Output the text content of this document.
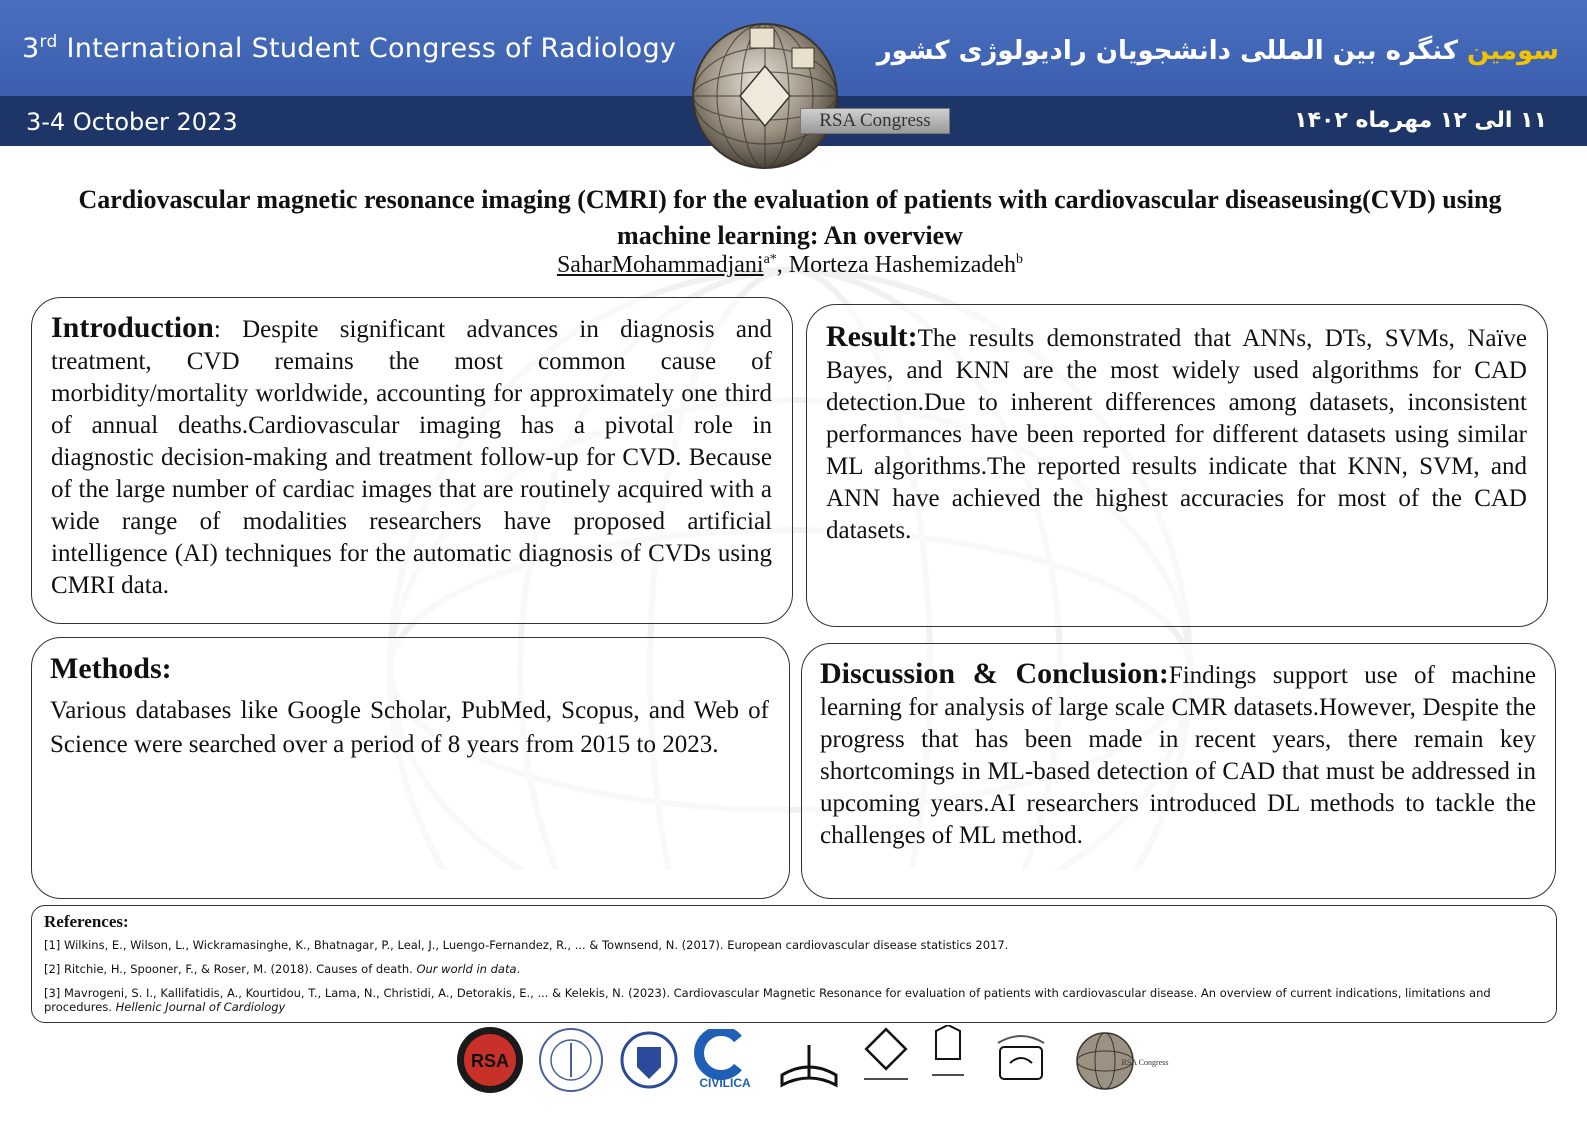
3rd International Student Congress of Radiology
3-4 October 2023
سومین کنگره بین المللی دانشجویان رادیولوژی کشور
۱۱ الی ۱۲ مهرماه ۱۴۰۲
RSA Congress
Cardiovascular magnetic resonance imaging (CMRI) for the evaluation of patients with cardiovascular diseaseusing(CVD) using machine learning: An overview
SaharMohammadjani$^{a*}$, Morteza Hashemizadeh$^b$
Introduction: Despite significant advances in diagnosis and treatment, CVD remains the most common cause of morbidity/mortality worldwide, accounting for approximately one third of annual deaths.Cardiovascular imaging has a pivotal role in diagnostic decision-making and treatment follow-up for CVD. Because of the large number of cardiac images that are routinely acquired with a wide range of modalities researchers have proposed artificial intelligence (AI) techniques for the automatic diagnosis of CVDs using CMRI data.
Result:The results demonstrated that ANNs, DTs, SVMs, Naïve Bayes, and KNN are the most widely used algorithms for CAD detection.Due to inherent differences among datasets, inconsistent performances have been reported for different datasets using similar ML algorithms.The reported results indicate that KNN, SVM, and ANN have achieved the highest accuracies for most of the CAD datasets.
Methods:
Various databases like Google Scholar, PubMed, Scopus, and Web of Science were searched over a period of 8 years from 2015 to 2023.
Discussion & Conclusion:Findings support use of machine learning for analysis of large scale CMR datasets.However, Despite the progress that has been made in recent years, there remain key shortcomings in ML-based detection of CAD that must be addressed in upcoming years.AI researchers introduced DL methods to tackle the challenges of ML method.
References:
[1] Wilkins, E., Wilson, L., Wickramasinghe, K., Bhatnagar, P., Leal, J., Luengo-Fernandez, R., ... & Townsend, N. (2017). European cardiovascular disease statistics 2017.
[2] Ritchie, H., Spooner, F., & Roser, M. (2018). Causes of death. Our world in data.
[3] Mavrogeni, S. I., Kallifatidis, A., Kourtidou, T., Lama, N., Christidi, A., Detorakis, E., ... & Kelekis, N. (2023). Cardiovascular Magnetic Resonance for evaluation of patients with cardiovascular disease. An overview of current indications, limitations and procedures. Hellenic Journal of Cardiology
RSA
CIVILICA
RSA Congress
